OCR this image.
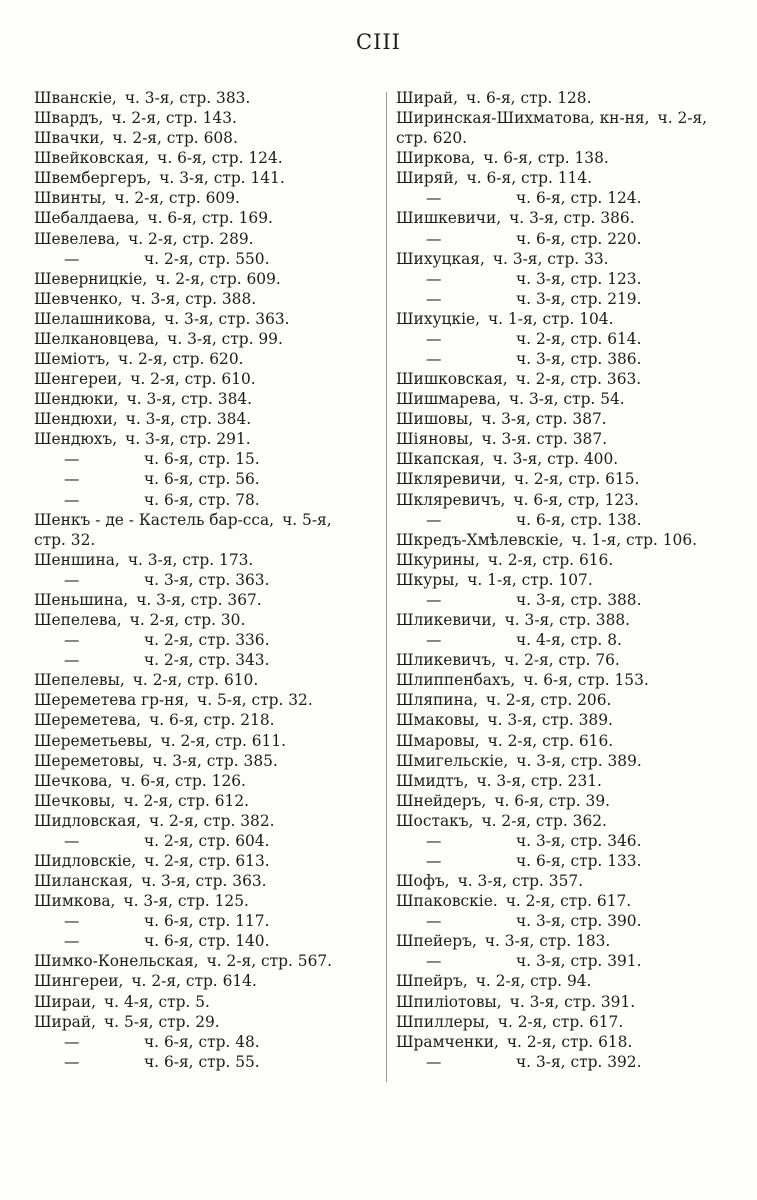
CIII
Шванскіе, ч. 3-я, стр. 383.
Швардъ, ч. 2-я, стр. 143.
Швачки, ч. 2-я, стр. 608.
Швейковская, ч. 6-я, стр. 124.
Швембергеръ, ч. 3-я, стр. 141.
Швинты, ч. 2-я, стр. 609.
Шебалдаева, ч. 6-я, стр. 169.
Шевелева, ч. 2-я, стр. 289.
—	ч. 2-я, стр. 550.
Шеверницкіе, ч. 2-я, стр. 609.
Шевченко, ч. 3-я, стр. 388.
Шелашникова, ч. 3-я, стр. 363.
Шелкановцева, ч. 3-я, стр. 99.
Шеміотъ, ч. 2-я, стр. 620.
Шенгереи, ч. 2-я, стр. 610.
Шендюки, ч. 3-я, стр. 384.
Шендюхи, ч. 3-я, стр. 384.
Шендюхъ, ч. 3-я, стр. 291.
—	ч. 6-я, стр. 15.
—	ч. 6-я, стр. 56.
—	ч. 6-я, стр. 78.
Шенкъ - де - Кастель бар-сса, ч. 5-я,
стр. 32.
Шеншина, ч. 3-я, стр. 173.
—	ч. 3-я, стр. 363.
Шеньшина, ч. 3-я, стр. 367.
Шепелева, ч. 2-я, стр. 30.
—	ч. 2-я, стр. 336.
—	ч. 2-я, стр. 343.
Шепелевы, ч. 2-я, стр. 610.
Шереметева гр-ня, ч. 5-я, стр. 32.
Шереметева, ч. 6-я, стр. 218.
Шереметьевы, ч. 2-я, стр. 611.
Шереметовы, ч. 3-я, стр. 385.
Шечкова, ч. 6-я, стр. 126.
Шечковы, ч. 2-я, стр. 612.
Шидловская, ч. 2-я, стр. 382.
—	ч. 2-я, стр. 604.
Шидловскіе, ч. 2-я, стр. 613.
Шиланская, ч. 3-я, стр. 363.
Шимкова, ч. 3-я, стр. 125.
—	ч. 6-я, стр. 117.
—	ч. 6-я, стр. 140.
Шимко-Конельская, ч. 2-я, стр. 567.
Шингереи, ч. 2-я, стр. 614.
Шираи, ч. 4-я, стр. 5.
Ширай, ч. 5-я, стр. 29.
—	ч. 6-я, стр. 48.
—	ч. 6-я, стр. 55.
Ширай, ч. 6-я, стр. 128.
Ширинская-Шихматова, кн-ня, ч. 2-я,
стр. 620.
Ширкова, ч. 6-я, стр. 138.
Ширяй, ч. 6-я, стр. 114.
—	ч. 6-я, стр. 124.
Шишкевичи, ч. 3-я, стр. 386.
—	ч. 6-я, стр. 220.
Шихуцкая, ч. 3-я, стр. 33.
—	ч. 3-я, стр. 123.
—	ч. 3-я, стр. 219.
Шихуцкіе, ч. 1-я, стр. 104.
—	ч. 2-я, стр. 614.
—	ч. 3-я, стр. 386.
Шишковская, ч. 2-я, стр. 363.
Шишмарева, ч. 3-я, стр. 54.
Шишовы, ч. 3-я, стр. 387.
Шіяновы, ч. 3-я. стр. 387.
Шкапская, ч. 3-я, стр. 400.
Шкляревичи, ч. 2-я, стр. 615.
Шкляревичъ, ч. 6-я, стр, 123.
—	ч. 6-я, стр. 138.
Шкредъ-Хмѣлевскіе, ч. 1-я, стр. 106.
Шкурины, ч. 2-я, стр. 616.
Шкуры, ч. 1-я, стр. 107.
—	ч. 3-я, стр. 388.
Шликевичи, ч. 3-я, стр. 388.
—	ч. 4-я, стр. 8.
Шликевичъ, ч. 2-я, стр. 76.
Шлиппенбахъ, ч. 6-я, стр. 153.
Шляпина, ч. 2-я, стр. 206.
Шмаковы, ч. 3-я, стр. 389.
Шмаровы, ч. 2-я, стр. 616.
Шмигельскіе, ч. 3-я, стр. 389.
Шмидтъ, ч. 3-я, стр. 231.
Шнейдеръ, ч. 6-я, стр. 39.
Шостакъ, ч. 2-я, стр. 362.
—	ч. 3-я, стр. 346.
—	ч. 6-я, стр. 133.
Шофъ, ч. 3-я, стр. 357.
Шпаковскіе. ч. 2-я, стр. 617.
—	ч. 3-я, стр. 390.
Шпейеръ, ч. 3-я, стр. 183.
—	ч. 3-я, стр. 391.
Шпейръ, ч. 2-я, стр. 94.
Шпиліотовы, ч. 3-я, стр. 391.
Шпиллеры, ч. 2-я, стр. 617.
Шрамченки, ч. 2-я, стр. 618.
—	ч. 3-я, стр. 392.
